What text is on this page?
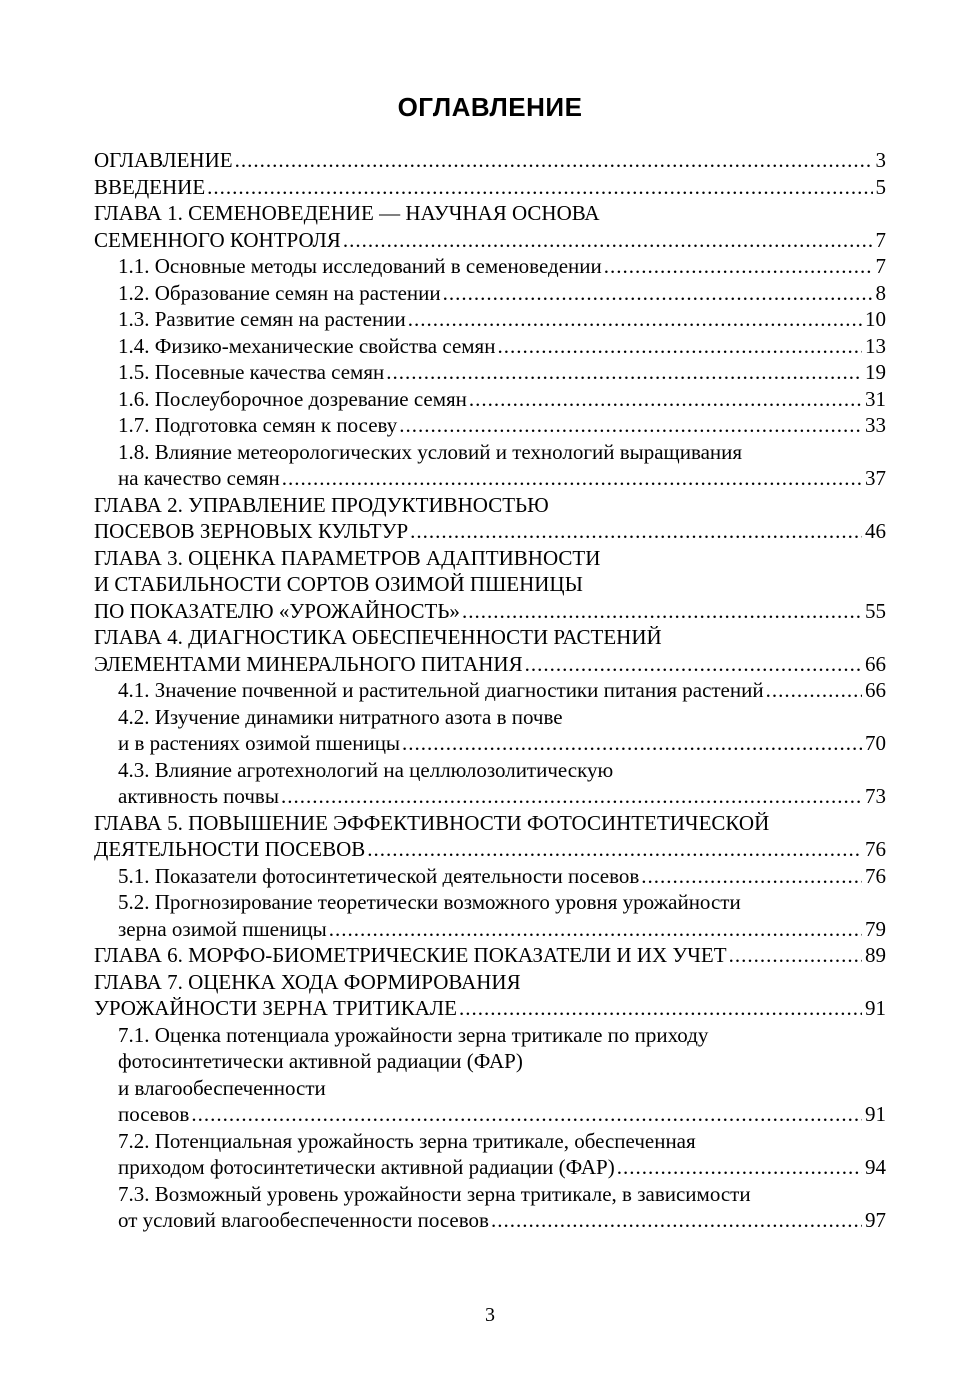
ОГЛАВЛЕНИЕ
ОГЛАВЛЕНИЕ .....	3
ВВЕДЕНИЕ .....	5
ГЛАВА 1. СЕМЕНОВЕДЕНИЕ — НАУЧНАЯ ОСНОВА
СЕМЕННОГО КОНТРОЛЯ .....	7
1.1. Основные методы исследований в семеноведении .....	7
1.2. Образование семян на растении .....	8
1.3. Развитие семян на растении .....	10
1.4. Физико-механические свойства семян .....	13
1.5. Посевные качества семян .....	19
1.6. Послеуборочное дозревание семян .....	31
1.7. Подготовка семян к посеву .....	33
1.8. Влияние метеорологических условий и технологий выращивания
на качество семян .....	37
ГЛАВА 2. УПРАВЛЕНИЕ ПРОДУКТИВНОСТЬЮ
ПОСЕВОВ ЗЕРНОВЫХ КУЛЬТУР .....	46
ГЛАВА 3. ОЦЕНКА ПАРАМЕТРОВ АДАПТИВНОСТИ
И СТАБИЛЬНОСТИ СОРТОВ ОЗИМОЙ ПШЕНИЦЫ
ПО ПОКАЗАТЕЛЮ «УРОЖАЙНОСТЬ» .....	55
ГЛАВА 4. ДИАГНОСТИКА ОБЕСПЕЧЕННОСТИ РАСТЕНИЙ
ЭЛЕМЕНТАМИ МИНЕРАЛЬНОГО ПИТАНИЯ .....	66
4.1. Значение почвенной и растительной диагностики питания растений .....	66
4.2. Изучение динамики нитратного азота в почве
и в растениях озимой пшеницы .....	70
4.3. Влияние агротехнологий на целлюлозолитическую
активность почвы .....	73
ГЛАВА 5. ПОВЫШЕНИЕ ЭФФЕКТИВНОСТИ ФОТОСИНТЕТИЧЕСКОЙ
ДЕЯТЕЛЬНОСТИ ПОСЕВОВ .....	76
5.1. Показатели фотосинтетической деятельности посевов .....	76
5.2. Прогнозирование теоретически возможного уровня урожайности
зерна озимой пшеницы .....	79
ГЛАВА 6. МОРФО-БИОМЕТРИЧЕСКИЕ ПОКАЗАТЕЛИ И ИХ УЧЕТ .....	89
ГЛАВА 7. ОЦЕНКА ХОДА ФОРМИРОВАНИЯ
УРОЖАЙНОСТИ ЗЕРНА ТРИТИКАЛЕ .....	91
7.1. Оценка потенциала урожайности зерна тритикале по приходу
фотосинтетически активной радиации (ФАР)
и влагообеспеченности
посевов .....	91
7.2. Потенциальная урожайность зерна тритикале, обеспеченная
приходом фотосинтетически активной радиации (ФАР) .....	94
7.3. Возможный уровень урожайности зерна тритикале, в зависимости
от условий влагообеспеченности посевов .....	97
3
